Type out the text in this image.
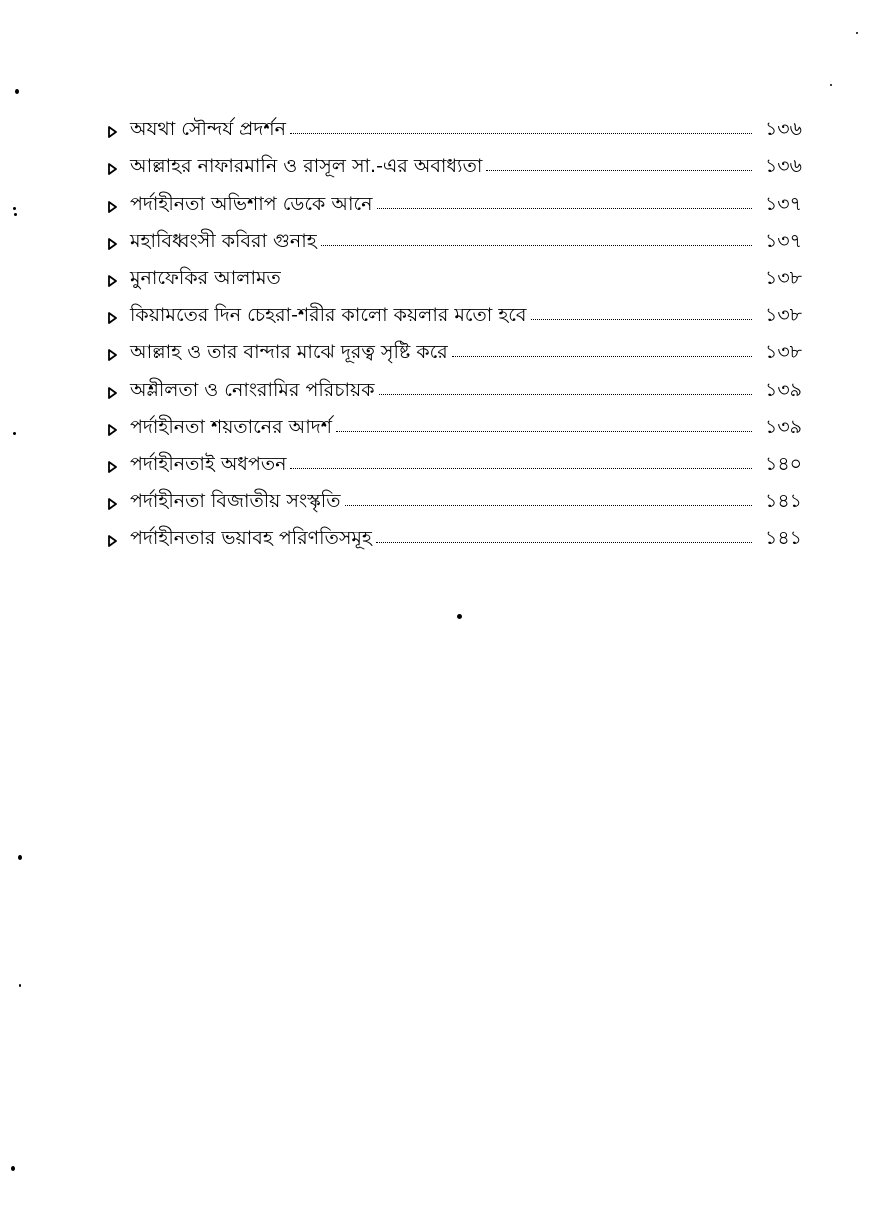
অযথা সৌন্দর্য প্রদর্শন	১৩৬
আল্লাহর নাফারমানি ও রাসূল সা.-এর অবাধ্যতা	১৩৬
পর্দাহীনতা অভিশাপ ডেকে আনে	১৩৭
মহাবিধ্বংসী কবিরা গুনাহ	১৩৭
মুনাফেকির আলামত	১৩৮
কিয়ামতের দিন চেহরা-শরীর কালো কয়লার মতো হবে	১৩৮
আল্লাহ ও তার বান্দার মাঝে দূরত্ব সৃষ্টি করে	১৩৮
অশ্লীলতা ও নোংরামির পরিচায়ক	১৩৯
পর্দাহীনতা শয়তানের আদর্শ	১৩৯
পর্দাহীনতাই অধপতন	১৪০
পর্দাহীনতা বিজাতীয় সংস্কৃতি	১৪১
পর্দাহীনতার ভয়াবহ পরিণতিসমূহ	১৪১
